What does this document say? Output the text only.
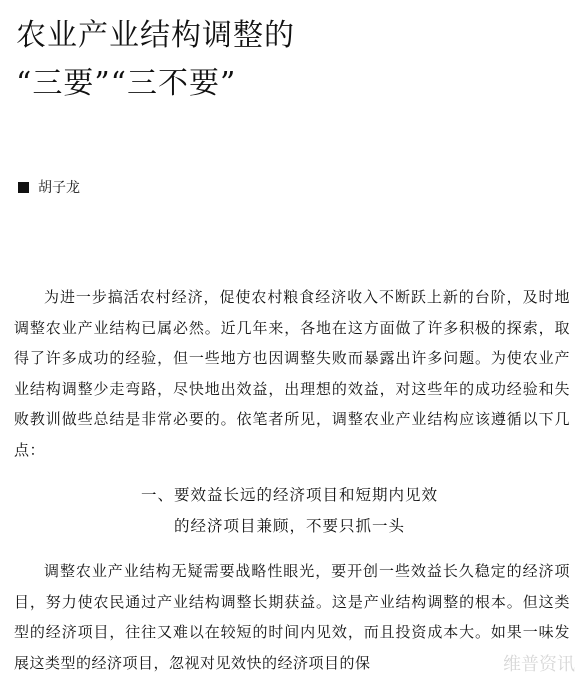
农业产业结构调整的
“三要”“三不要”
胡子龙

为进一步搞活农村经济，促使农村粮食经济收入不断跃上新的台阶，及时地调整农业产业结构已属必然。近几年来，各地在这方面做了许多积极的探索，取得了许多成功的经验，但一些地方也因调整失败而暴露出许多问题。为使农业产业结构调整少走弯路，尽快地出效益，出理想的效益，对这些年的成功经验和失败教训做些总结是非常必要的。依笔者所见，调整农业产业结构应该遵循以下几点：

一、要效益长远的经济项目和短期内见效
的经济项目兼顾，不要只抓一头

调整农业产业结构无疑需要战略性眼光，要开创一些效益长久稳定的经济项目，努力使农民通过产业结构调整长期获益。这是产业结构调整的根本。但这类型的经济项目，往往又难以在较短的时间内见效，而且投资成本大。如果一味发展这类型的经济项目，忽视对见效快的经济项目的保	维普资讯
